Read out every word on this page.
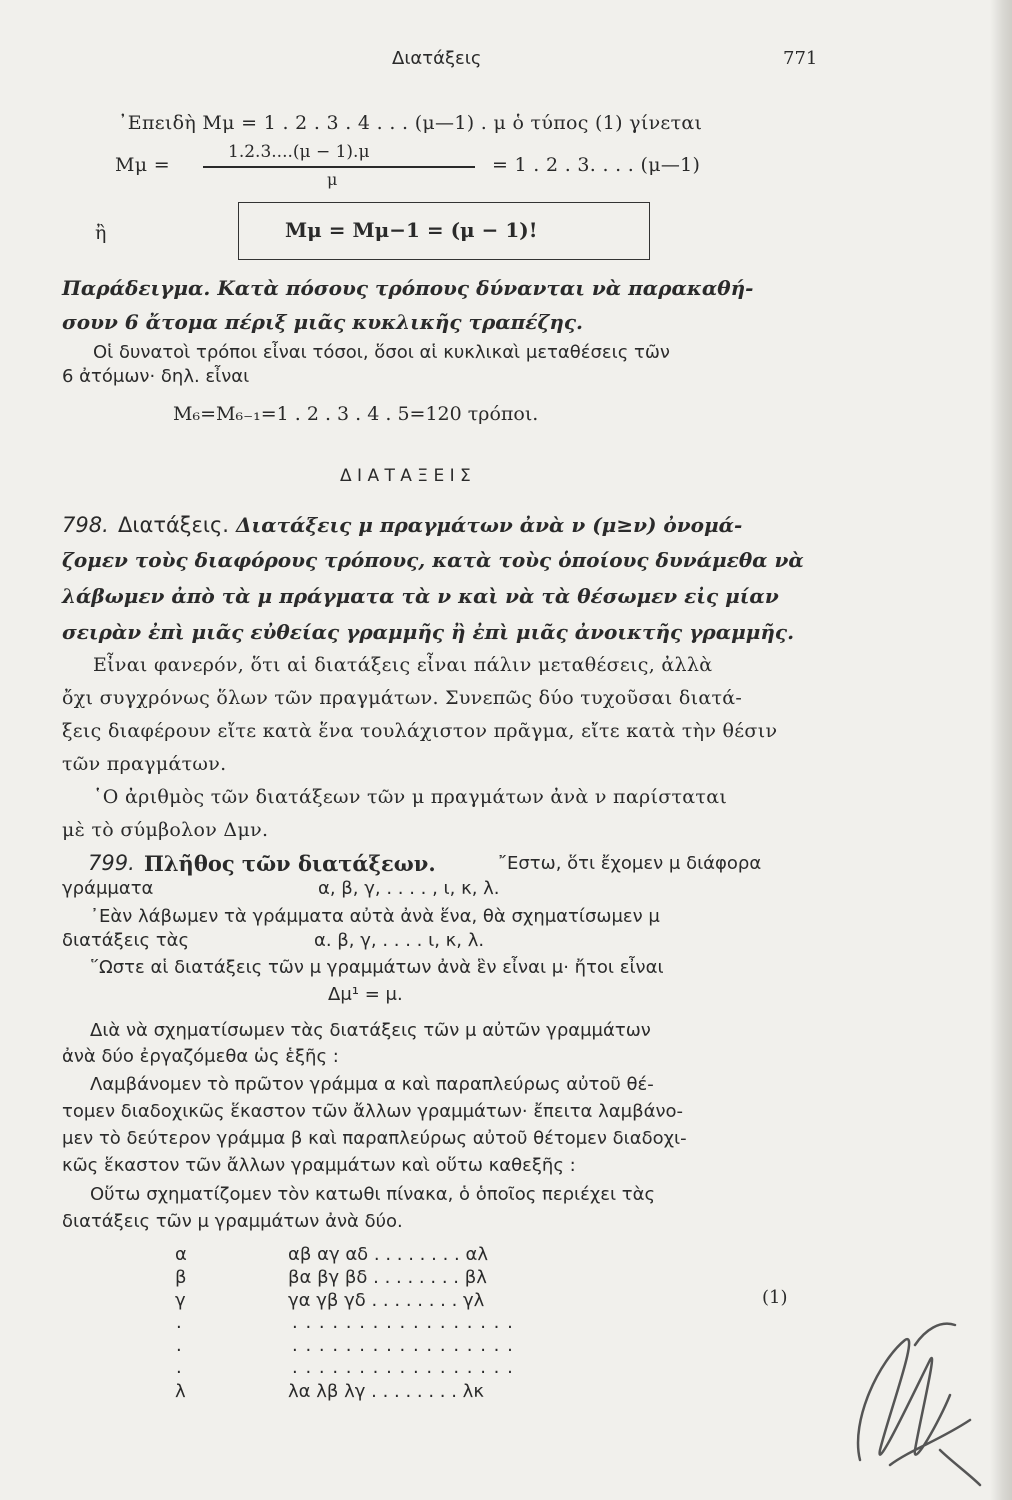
Διατάξεις	771
᾿Επειδὴ Μμ = 1 . 2 . 3 . 4 . . . (μ—1) . μ ὁ τύπος (1) γίνεται
Μμ =
1.2.3....(μ − 1).μ
μ
= 1 . 2 . 3. . . . (μ—1)
ἢ	Μμ = Μμ−1 = (μ − 1)!
Παράδειγμα. Κατὰ πόσους τρόπους δύνανται νὰ παρακαθή-
σουν 6 ἄτομα πέριξ μιᾶς κυκλικῆς τραπέζης.
Οἱ δυνατοὶ τρόποι εἶναι τόσοι, ὅσοι αἱ κυκλικαὶ μεταθέσεις τῶν
6 ἀτόμων· δηλ. εἶναι
Μ₆=Μ₆₋₁=1 . 2 . 3 . 4 . 5=120 τρόποι.
Δ Ι Α Τ Α Ξ Ε Ι Σ
798. Διατάξεις. Διατάξεις μ πραγμάτων ἀνὰ ν (μ≥ν) ὀνομά-
ζομεν τοὺς διαφόρους τρόπους, κατὰ τοὺς ὁποίους δυνάμεθα νὰ
λάβωμεν ἀπὸ τὰ μ πράγματα τὰ ν καὶ νὰ τὰ θέσωμεν εἰς μίαν
σειρὰν ἐπὶ μιᾶς εὐθείας γραμμῆς ἢ ἐπὶ μιᾶς ἀνοικτῆς γραμμῆς.
Εἶναι φανερόν, ὅτι αἱ διατάξεις εἶναι πάλιν μεταθέσεις, ἀλλὰ
ὄχι συγχρόνως ὅλων τῶν πραγμάτων. Συνεπῶς δύο τυχοῦσαι διατά-
ξεις διαφέρουν εἴτε κατὰ ἕνα τουλάχιστον πρᾶγμα, εἴτε κατὰ τὴν θέσιν
τῶν πραγμάτων.
῾Ο ἀριθμὸς τῶν διατάξεων τῶν μ πραγμάτων ἀνὰ ν παρίσταται
μὲ τὸ σύμβολον Δμν.
799. Πλῆθος τῶν διατάξεων.	῎Εστω, ὅτι ἔχομεν μ διάφορα
γράμματα	α, β, γ, . . . . , ι, κ, λ.
᾿Εὰν λάβωμεν τὰ γράμματα αὐτὰ ἀνὰ ἕνα, θὰ σχηματίσωμεν μ
διατάξεις τὰς	α. β, γ, . . . . ι, κ, λ.
῞Ωστε αἱ διατάξεις τῶν μ γραμμάτων ἀνὰ ἓν εἶναι μ· ἤτοι εἶναι
Δμ¹ = μ.
Διὰ νὰ σχηματίσωμεν τὰς διατάξεις τῶν μ αὐτῶν γραμμάτων
ἀνὰ δύο ἐργαζόμεθα ὡς ἑξῆς :
Λαμβάνομεν τὸ πρῶτον γράμμα α καὶ παραπλεύρως αὐτοῦ θέ-
τομεν διαδοχικῶς ἕκαστον τῶν ἄλλων γραμμάτων· ἔπειτα λαμβάνο-
μεν τὸ δεύτερον γράμμα β καὶ παραπλεύρως αὐτοῦ θέτομεν διαδοχι-
κῶς ἕκαστον τῶν ἄλλων γραμμάτων καὶ οὕτω καθεξῆς :
Οὕτω σχηματίζομεν τὸν κατωθι πίνακα, ὁ ὁποῖος περιέχει τὰς
διατάξεις τῶν μ γραμμάτων ἀνὰ δύο.
α	αβ αγ αδ . . . . . . . . αλ
β	βα βγ βδ . . . . . . . . βλ
γ	γα γβ γδ . . . . . . . . γλ	(1)
.	. . . . . . . . . . . . . . . . .
.	. . . . . . . . . . . . . . . . .
.	. . . . . . . . . . . . . . . . .
λ	λα λβ λγ . . . . . . . . λκ
